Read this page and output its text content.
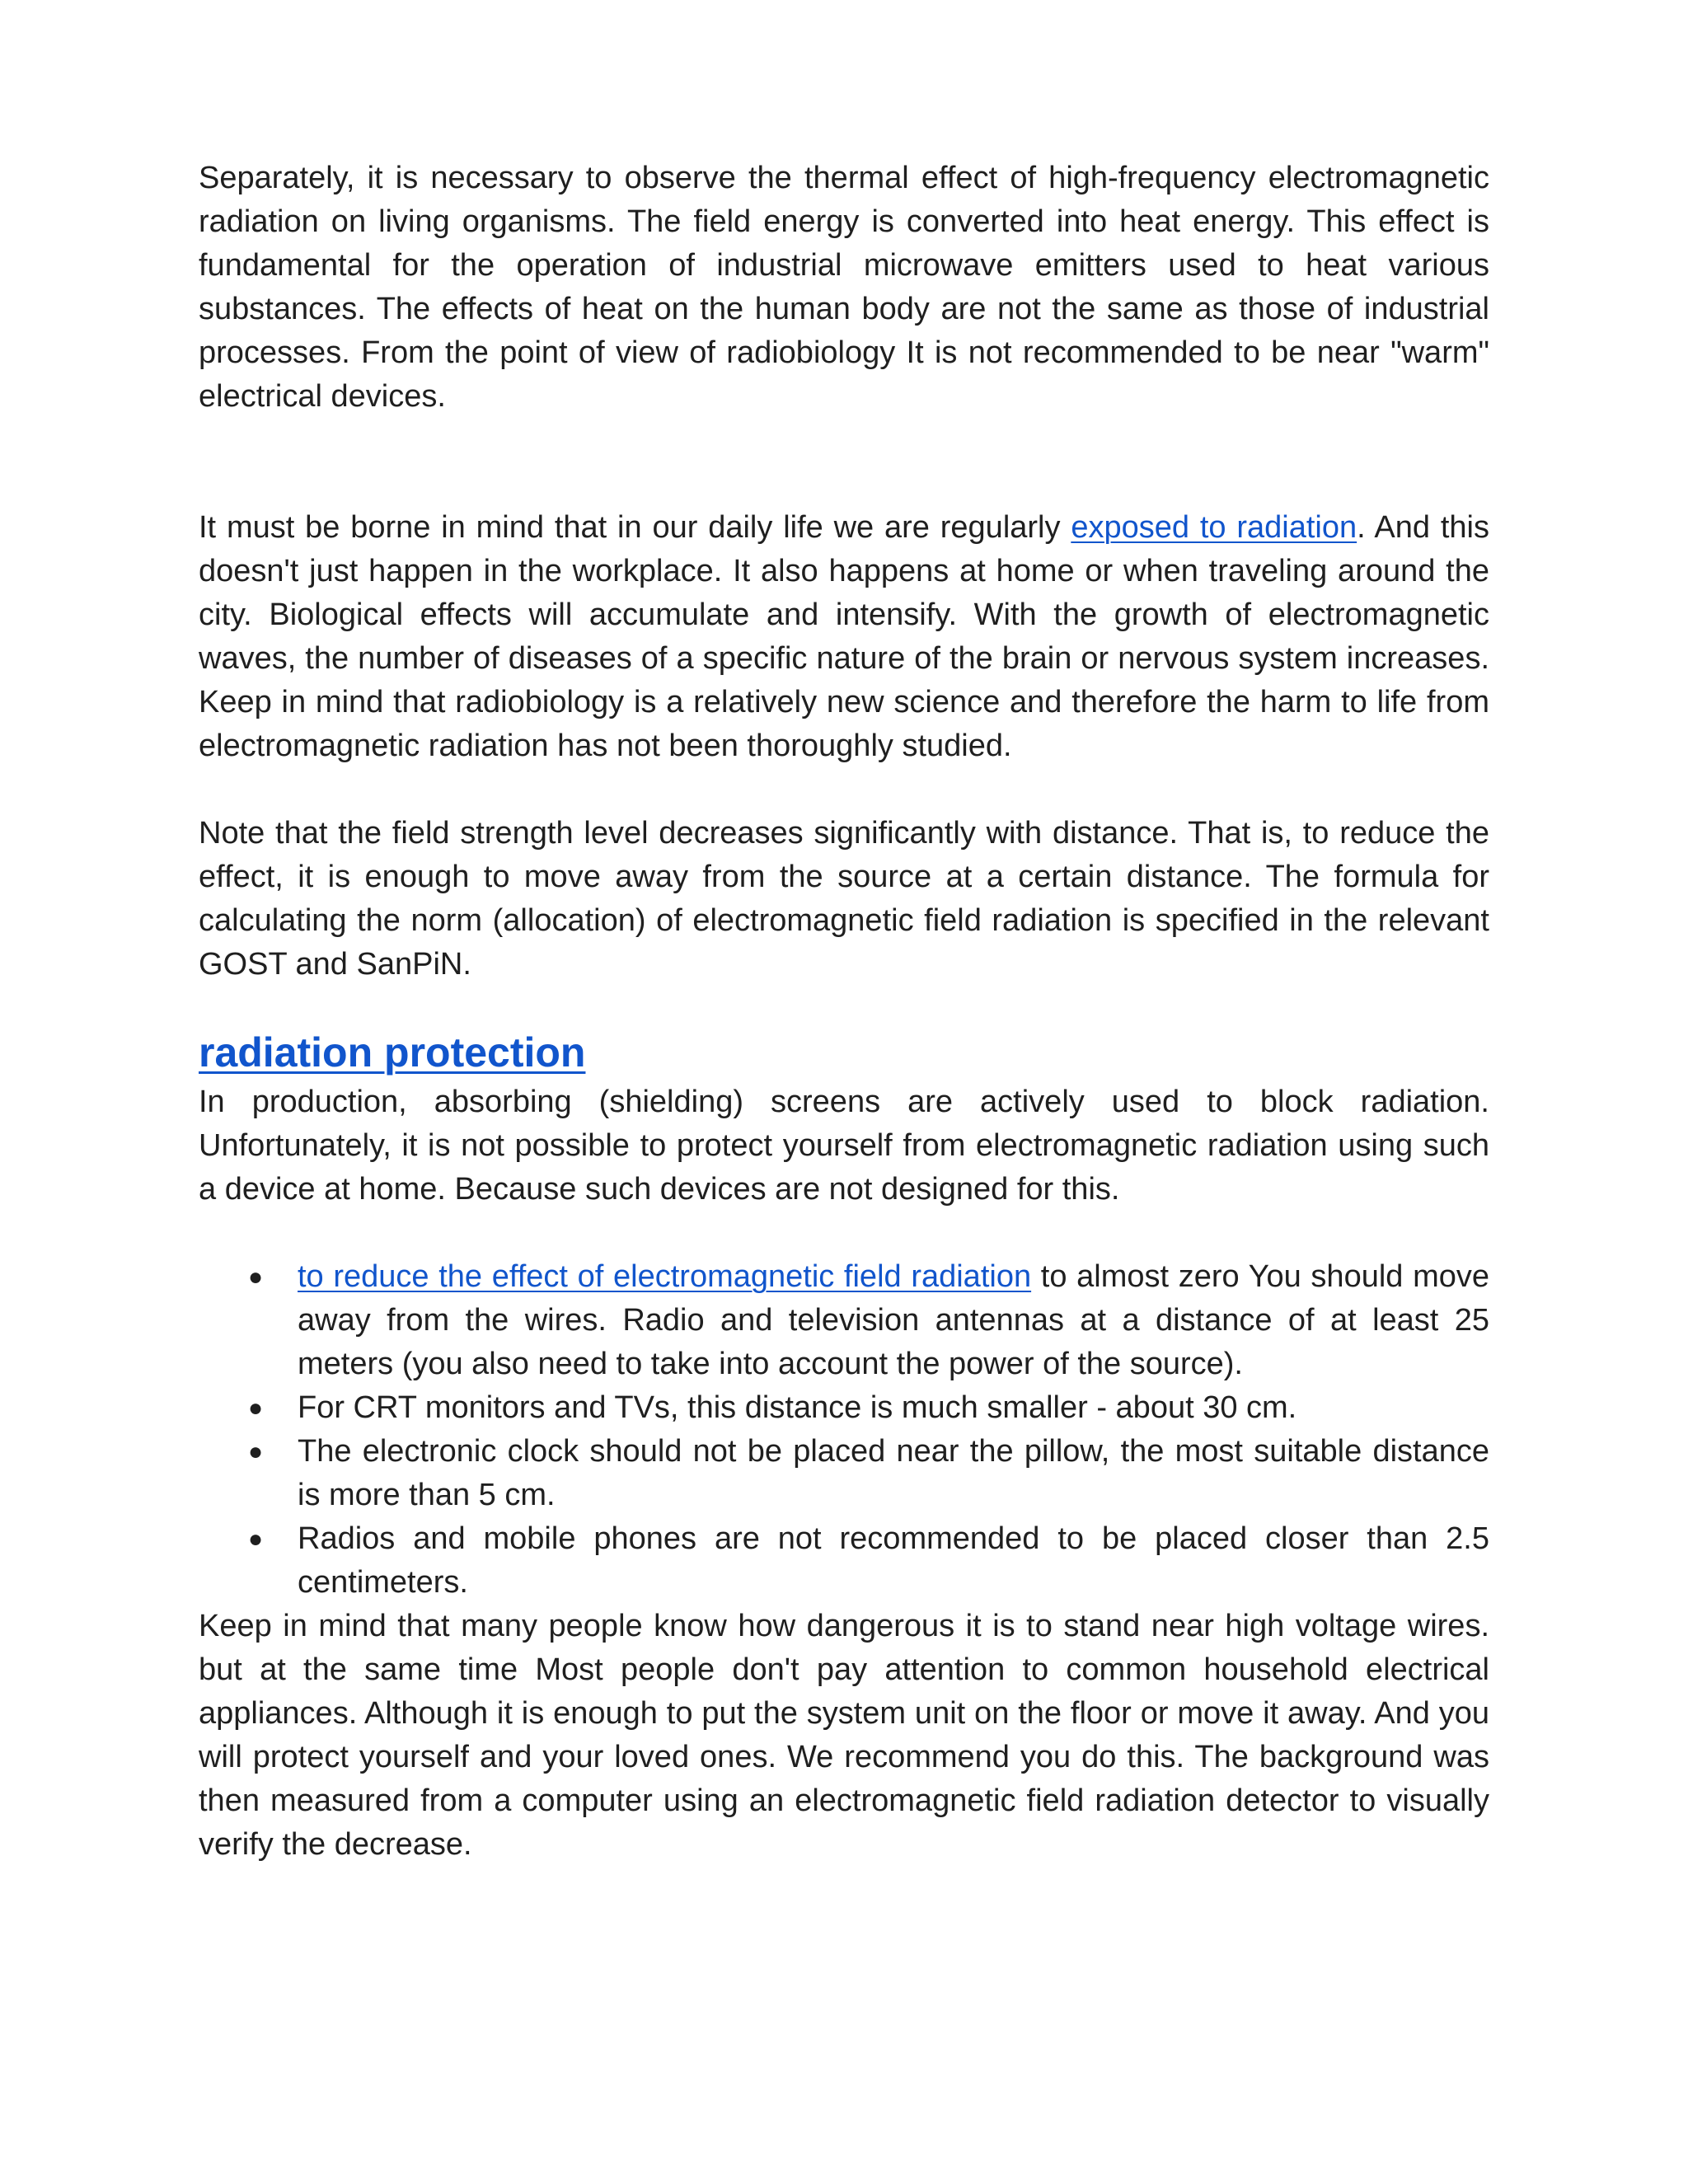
Separately, it is necessary to observe the thermal effect of high-frequency electromagnetic radiation on living organisms. The field energy is converted into heat energy. This effect is fundamental for the operation of industrial microwave emitters used to heat various substances. The effects of heat on the human body are not the same as those of industrial processes. From the point of view of radiobiology It is not recommended to be near "warm" electrical devices.

It must be borne in mind that in our daily life we are regularly exposed to radiation. And this doesn't just happen in the workplace. It also happens at home or when traveling around the city. Biological effects will accumulate and intensify. With the growth of electromagnetic waves, the number of diseases of a specific nature of the brain or nervous system increases. Keep in mind that radiobiology is a relatively new science and therefore the harm to life from electromagnetic radiation has not been thoroughly studied.

Note that the field strength level decreases significantly with distance. That is, to reduce the effect, it is enough to move away from the source at a certain distance. The formula for calculating the norm (allocation) of electromagnetic field radiation is specified in the relevant GOST and SanPiN.

radiation protection

In production, absorbing (shielding) screens are actively used to block radiation. Unfortunately, it is not possible to protect yourself from electromagnetic radiation using such a device at home. Because such devices are not designed for this.

● to reduce the effect of electromagnetic field radiation to almost zero You should move away from the wires. Radio and television antennas at a distance of at least 25 meters (you also need to take into account the power of the source).
● For CRT monitors and TVs, this distance is much smaller - about 30 cm.
● The electronic clock should not be placed near the pillow, the most suitable distance is more than 5 cm.
● Radios and mobile phones are not recommended to be placed closer than 2.5 centimeters.

Keep in mind that many people know how dangerous it is to stand near high voltage wires. but at the same time Most people don't pay attention to common household electrical appliances. Although it is enough to put the system unit on the floor or move it away. And you will protect yourself and your loved ones. We recommend you do this. The background was then measured from a computer using an electromagnetic field radiation detector to visually verify the decrease.
